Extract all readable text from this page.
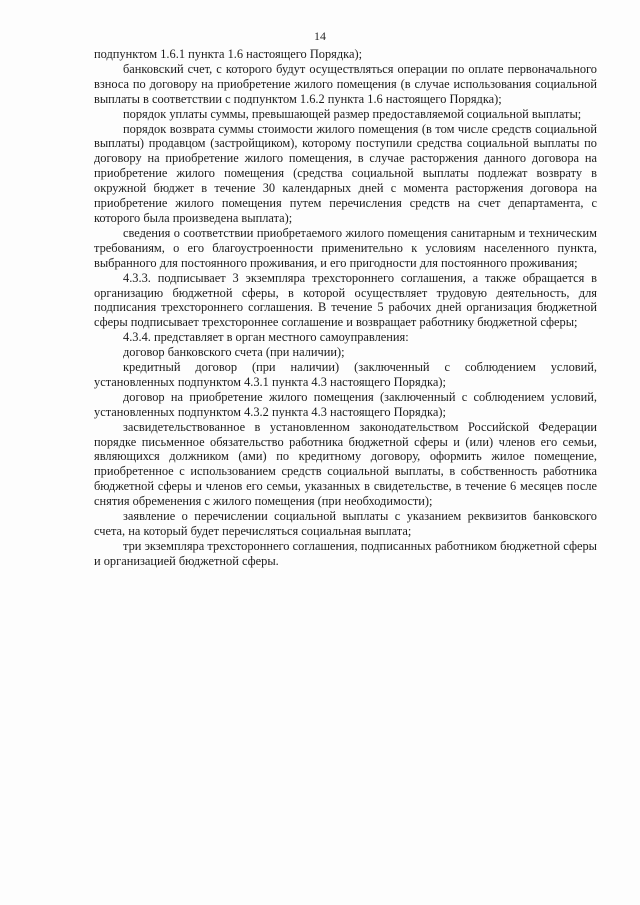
14

подпунктом 1.6.1 пункта 1.6 настоящего Порядка);

банковский счет, с которого будут осуществляться операции по оплате первоначального взноса по договору на приобретение жилого помещения (в случае использования социальной выплаты в соответствии с подпунктом 1.6.2 пункта 1.6 настоящего Порядка);

порядок уплаты суммы, превышающей размер предоставляемой социальной выплаты;

порядок возврата суммы стоимости жилого помещения (в том числе средств социальной выплаты) продавцом (застройщиком), которому поступили средства социальной выплаты по договору на приобретение жилого помещения, в случае расторжения данного договора на приобретение жилого помещения (средства социальной выплаты подлежат возврату в окружной бюджет в течение 30 календарных дней с момента расторжения договора на приобретение жилого помещения путем перечисления средств на счет департамента, с которого была произведена выплата);

сведения о соответствии приобретаемого жилого помещения санитарным и техническим требованиям, о его благоустроенности применительно к условиям населенного пункта, выбранного для постоянного проживания, и его пригодности для постоянного проживания;

4.3.3. подписывает 3 экземпляра трехстороннего соглашения, а также обращается в организацию бюджетной сферы, в которой осуществляет трудовую деятельность, для подписания трехстороннего соглашения. В течение 5 рабочих дней организация бюджетной сферы подписывает трехстороннее соглашение и возвращает работнику бюджетной сферы;

4.3.4. представляет в орган местного самоуправления:

договор банковского счета (при наличии);

кредитный договор (при наличии) (заключенный с соблюдением условий, установленных подпунктом 4.3.1 пункта 4.3 настоящего Порядка);

договор на приобретение жилого помещения (заключенный с соблюдением условий, установленных подпунктом 4.3.2 пункта 4.3 настоящего Порядка);

засвидетельствованное в установленном законодательством Российской Федерации порядке письменное обязательство работника бюджетной сферы и (или) членов его семьи, являющихся должником (ами) по кредитному договору, оформить жилое помещение, приобретенное с использованием средств социальной выплаты, в собственность работника бюджетной сферы и членов его семьи, указанных в свидетельстве, в течение 6 месяцев после снятия обременения с жилого помещения (при необходимости);

заявление о перечислении социальной выплаты с указанием реквизитов банковского счета, на который будет перечисляться социальная выплата;

три экземпляра трехстороннего соглашения, подписанных работником бюджетной сферы и организацией бюджетной сферы.
